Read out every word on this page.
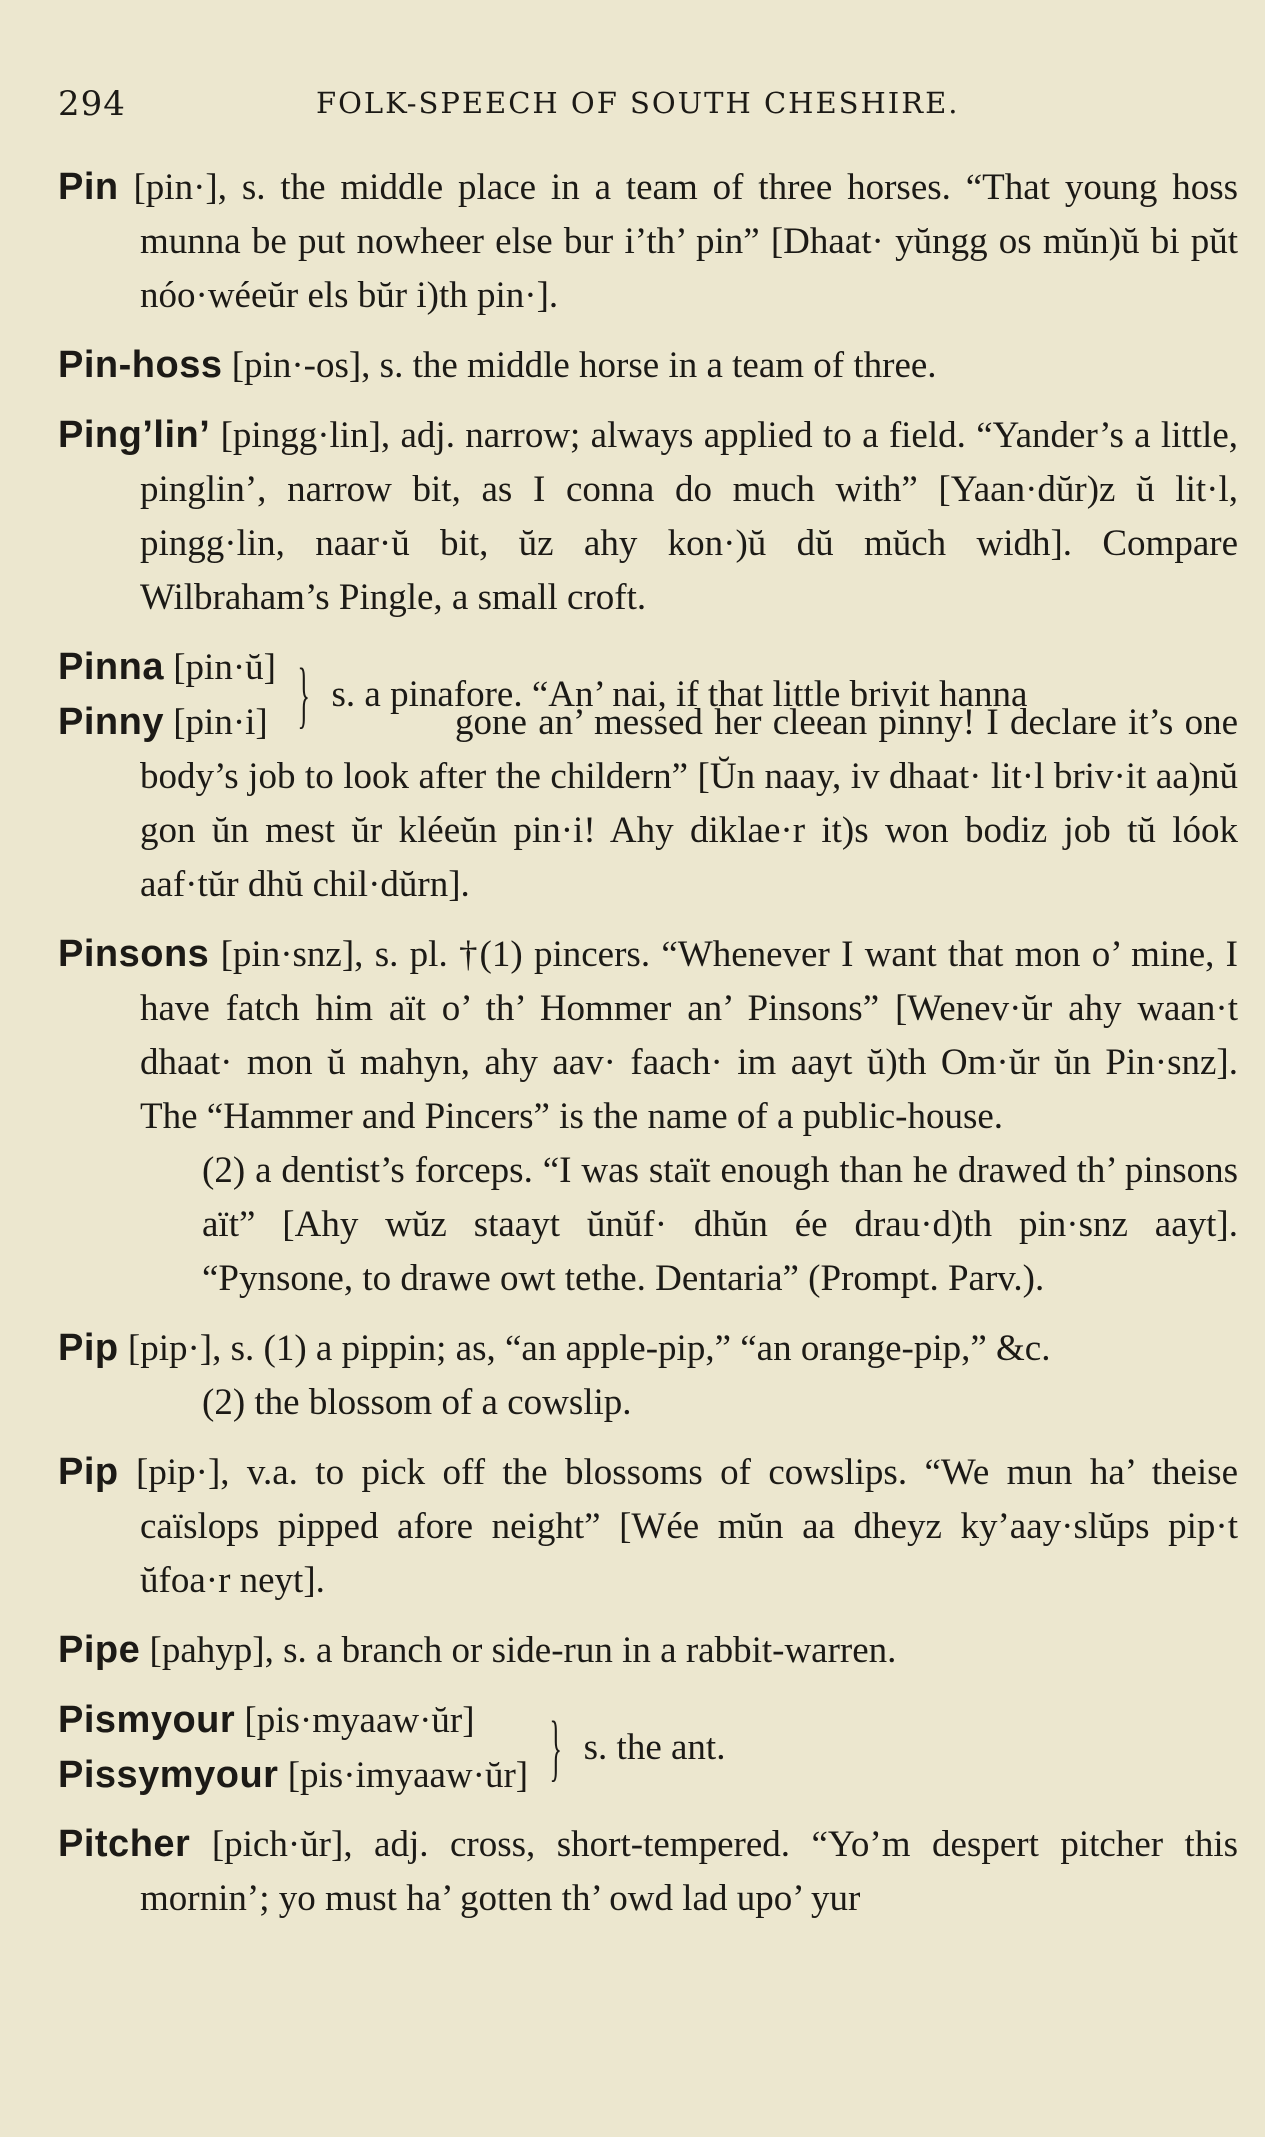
294	FOLK-SPEECH OF SOUTH CHESHIRE.
Pin [pin·], s. the middle place in a team of three horses. “That young hoss munna be put nowheer else bur i’th’ pin” [Dhaat· yŭngg os mŭn)ŭ bi pŭt nóo·wéeŭr els bŭr i)th pin·].
Pin-hoss [pin·-os], s. the middle horse in a team of three.
Ping’lin’ [pingg·lin], adj. narrow; always applied to a field. “Yander’s a little, pinglin’, narrow bit, as I conna do much with” [Yaan·dŭr)z ŭ lit·l, pingg·lin, naar·ŭ bit, ŭz ahy kon·)ŭ dŭ mŭch widh]. Compare Wilbraham’s Pingle, a small croft.
Pinna [pin·ŭ]
Pinny [pin·i] } s. a pinafore. “An’ nai, if that little brivit hanna
gone an’ messed her cleean pinny! I declare it’s one body’s job to look after the childern” [Ŭn naay, iv dhaat· lit·l briv·it aa)nŭ gon ŭn mest ŭr kléeŭn pin·i! Ahy diklae·r it)s won bodiz job tŭ lóok aaf·tŭr dhŭ chil·dŭrn].
Pinsons [pin·snz], s. pl. †(1) pincers. “Whenever I want that mon o’ mine, I have fatch him aït o’ th’ Hommer an’ Pinsons” [Wenev·ŭr ahy waan·t dhaat· mon ŭ mahyn, ahy aav· faach· im aayt ŭ)th Om·ŭr ŭn Pin·snz]. The “Hammer and Pincers” is the name of a public-house.
(2) a dentist’s forceps. “I was staït enough than he drawed th’ pinsons aït” [Ahy wŭz staayt ŭnŭf· dhŭn ée drau·d)th pin·snz aayt]. “Pynsone, to drawe owt tethe. Dentaria” (Prompt. Parv.).
Pip [pip·], s. (1) a pippin; as, “an apple-pip,” “an orange-pip,” &c.
(2) the blossom of a cowslip.
Pip [pip·], v.a. to pick off the blossoms of cowslips. “We mun ha’ theise caïslops pipped afore neight” [Wée mŭn aa dheyz ky’aay·slŭps pip·t ŭfoa·r neyt].
Pipe [pahyp], s. a branch or side-run in a rabbit-warren.
Pismyour [pis·myaaw·ŭr]
Pissymyour [pis·imyaaw·ŭr] } s. the ant.
Pitcher [pich·ŭr], adj. cross, short-tempered. “Yo’m despert pitcher this mornin’; yo must ha’ gotten th’ owd lad upo’ yur
